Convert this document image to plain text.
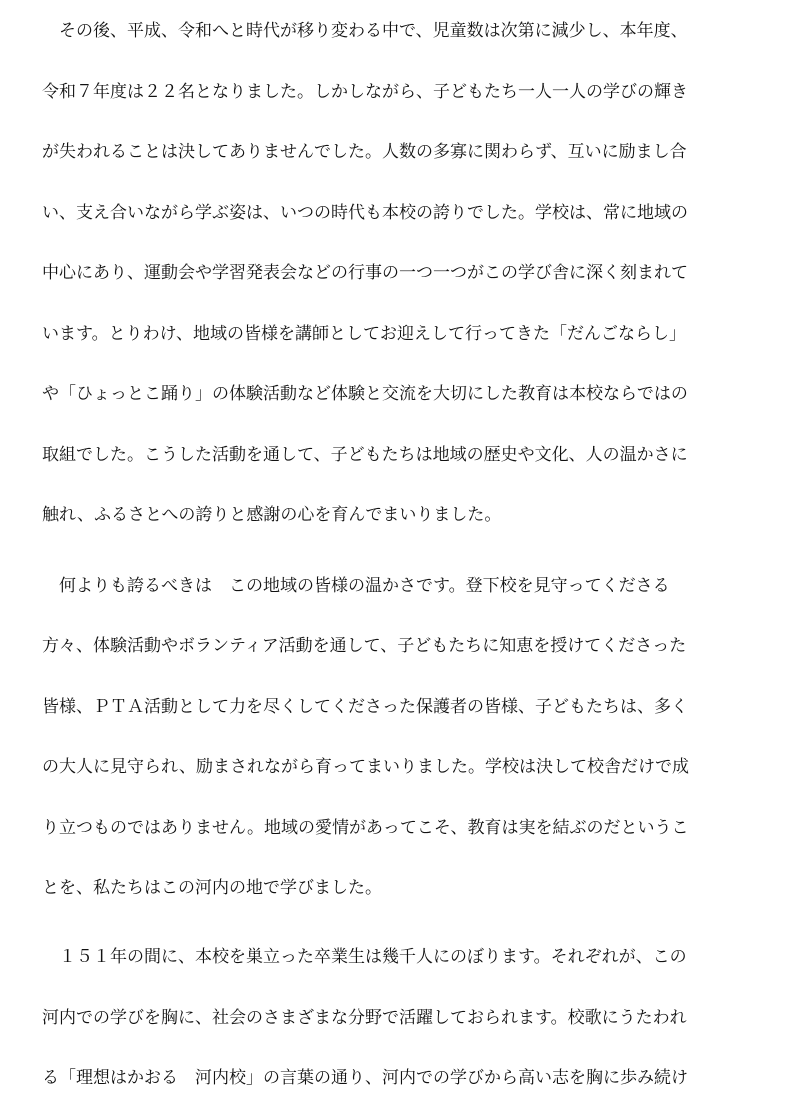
　その後、平成、令和へと時代が移り変わる中で、児童数は次第に減少し、本年度、
令和７年度は２２名となりました。しかしながら、子どもたち一人一人の学びの輝き
が失われることは決してありませんでした。人数の多寡に関わらず、互いに励まし合
い、支え合いながら学ぶ姿は、いつの時代も本校の誇りでした。学校は、常に地域の
中心にあり、運動会や学習発表会などの行事の一つ一つがこの学び舎に深く刻まれて
います。とりわけ、地域の皆様を講師としてお迎えして行ってきた「だんごならし」
や「ひょっとこ踊り」の体験活動など体験と交流を大切にした教育は本校ならではの
取組でした。こうした活動を通して、子どもたちは地域の歴史や文化、人の温かさに
触れ、ふるさとへの誇りと感謝の心を育んでまいりました。
　何よりも誇るべきは　この地域の皆様の温かさです。登下校を見守ってくださる
方々、体験活動やボランティア活動を通して、子どもたちに知恵を授けてくださった
皆様、ＰＴＡ活動として力を尽くしてくださった保護者の皆様、子どもたちは、多く
の大人に見守られ、励まされながら育ってまいりました。学校は決して校舎だけで成
り立つものではありません。地域の愛情があってこそ、教育は実を結ぶのだというこ
とを、私たちはこの河内の地で学びました。
　１５１年の間に、本校を巣立った卒業生は幾千人にのぼります。それぞれが、この
河内での学びを胸に、社会のさまざまな分野で活躍しておられます。校歌にうたわれ
る「理想はかおる　河内校」の言葉の通り、河内での学びから高い志を胸に歩み続け
